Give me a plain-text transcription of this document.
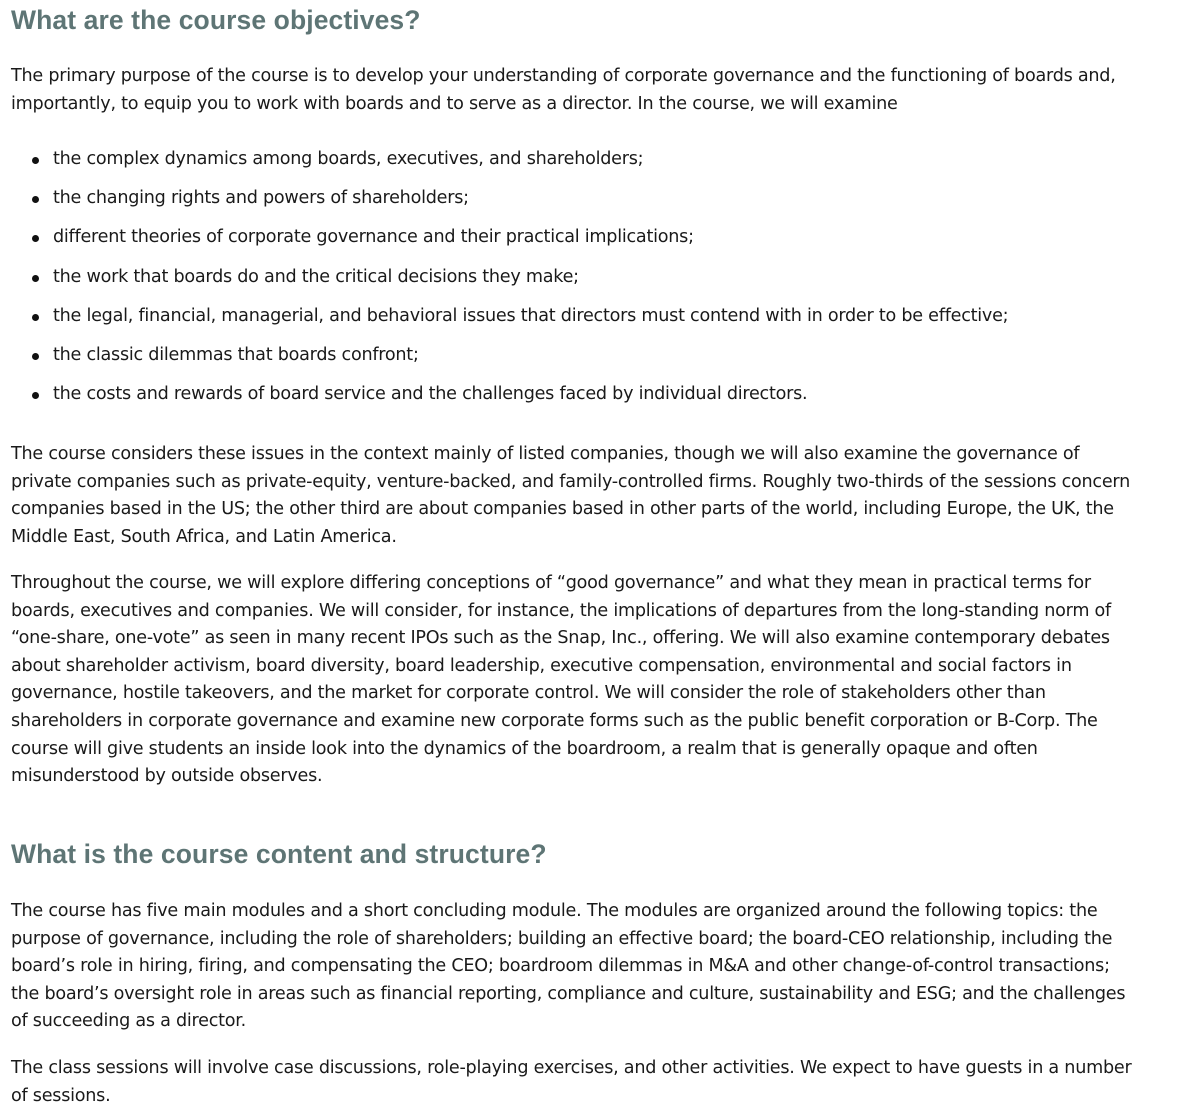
What are the course objectives?

The primary purpose of the course is to develop your understanding of corporate governance and the functioning of boards and, importantly, to equip you to work with boards and to serve as a director. In the course, we will examine

the complex dynamics among boards, executives, and shareholders;
the changing rights and powers of shareholders;
different theories of corporate governance and their practical implications;
the work that boards do and the critical decisions they make;
the legal, financial, managerial, and behavioral issues that directors must contend with in order to be effective;
the classic dilemmas that boards confront;
the costs and rewards of board service and the challenges faced by individual directors.

The course considers these issues in the context mainly of listed companies, though we will also examine the governance of private companies such as private-equity, venture-backed, and family-controlled firms. Roughly two-thirds of the sessions concern companies based in the US; the other third are about companies based in other parts of the world, including Europe, the UK, the Middle East, South Africa, and Latin America.

Throughout the course, we will explore differing conceptions of “good governance” and what they mean in practical terms for boards, executives and companies. We will consider, for instance, the implications of departures from the long-standing norm of “one-share, one-vote” as seen in many recent IPOs such as the Snap, Inc., offering. We will also examine contemporary debates about shareholder activism, board diversity, board leadership, executive compensation, environmental and social factors in governance, hostile takeovers, and the market for corporate control. We will consider the role of stakeholders other than shareholders in corporate governance and examine new corporate forms such as the public benefit corporation or B-Corp. The course will give students an inside look into the dynamics of the boardroom, a realm that is generally opaque and often misunderstood by outside observes.

What is the course content and structure?

The course has five main modules and a short concluding module. The modules are organized around the following topics: the purpose of governance, including the role of shareholders; building an effective board; the board-CEO relationship, including the board’s role in hiring, firing, and compensating the CEO; boardroom dilemmas in M&A and other change-of-control transactions; the board’s oversight role in areas such as financial reporting, compliance and culture, sustainability and ESG; and the challenges of succeeding as a director.

The class sessions will involve case discussions, role-playing exercises, and other activities. We expect to have guests in a number of sessions.
